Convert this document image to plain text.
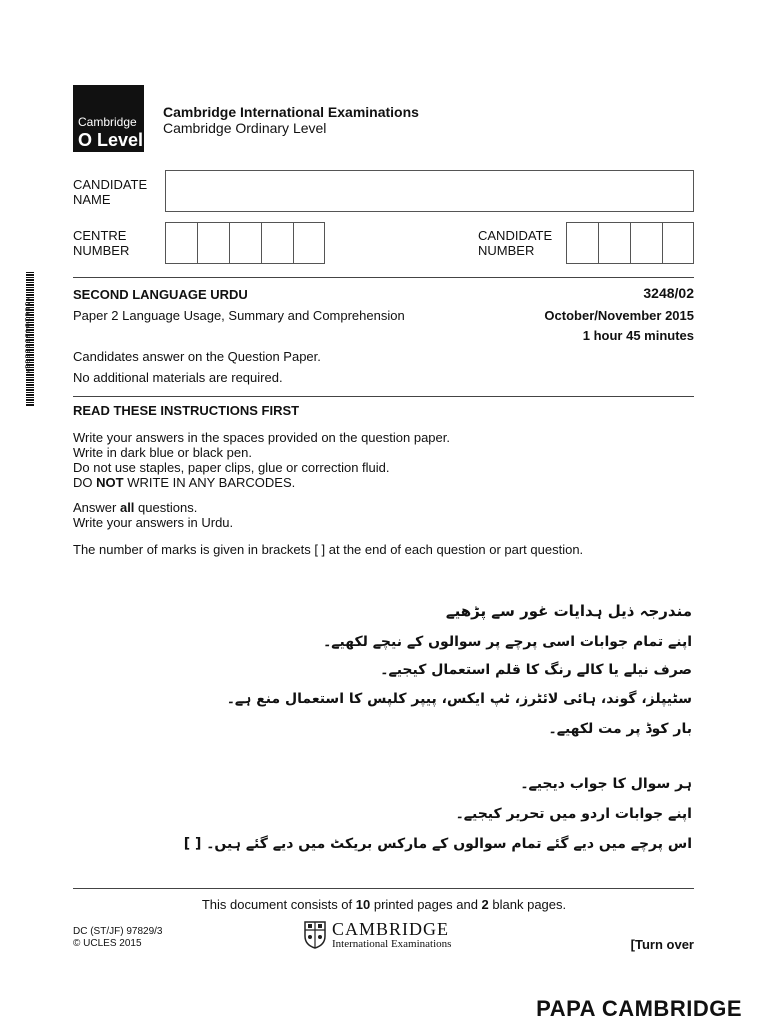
Cambridge
O Level
Cambridge International Examinations
Cambridge Ordinary Level
CANDIDATE
NAME
CENTRE
NUMBER
CANDIDATE
NUMBER
*5062045693308*
SECOND LANGUAGE URDU	3248/02
Paper 2 Language Usage, Summary and Comprehension	October/November 2015
1 hour 45 minutes
Candidates answer on the Question Paper.
No additional materials are required.
READ THESE INSTRUCTIONS FIRST
Write your answers in the spaces provided on the question paper.
Write in dark blue or black pen.
Do not use staples, paper clips, glue or correction fluid.
DO NOT WRITE IN ANY BARCODES.
Answer all questions.
Write your answers in Urdu.
The number of marks is given in brackets [ ] at the end of each question or part question.
مندرجہ ذیل ہدایات غور سے پڑھیے
اپنے تمام جوابات اسی پرچے پر سوالوں کے نیچے لکھیے۔
صرف نیلے یا کالے رنگ کا قلم استعمال کیجیے۔
سٹیپلز، گوند، ہائی لائٹرز، ٹپ ایکس، پیپر کلپس کا استعمال منع ہے۔
بار کوڈ پر مت لکھیے۔
ہر سوال کا جواب دیجیے۔
اپنے جوابات اردو میں تحریر کیجیے۔
اس پرچے میں دیے گئے تمام سوالوں کے مارکس بریکٹ میں دیے گئے ہیں۔ [ ]
This document consists of 10 printed pages and 2 blank pages.
DC (ST/JF) 97829/3
© UCLES 2015
CAMBRIDGE
International Examinations	[Turn over
PAPA CAMBRIDGE
